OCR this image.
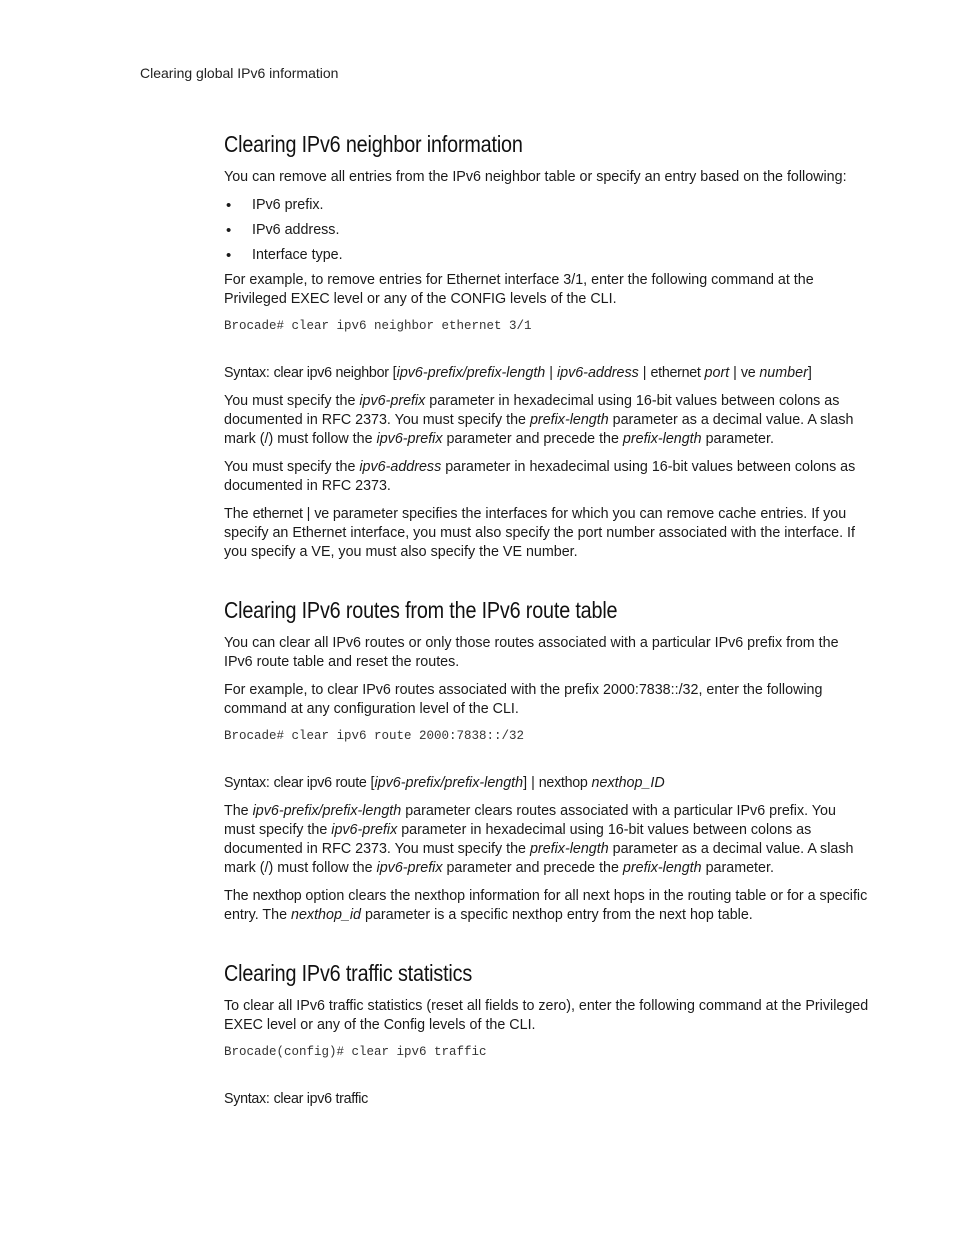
Clearing global IPv6 information
Clearing IPv6 neighbor information

You can remove all entries from the IPv6 neighbor table or specify an entry based on the following:

• IPv6 prefix.
• IPv6 address.
• Interface type.

For example, to remove entries for Ethernet interface 3/1, enter the following command at the Privileged EXEC level or any of the CONFIG levels of the CLI.

Brocade# clear ipv6 neighbor ethernet 3/1

Syntax: clear ipv6 neighbor [ipv6-prefix/prefix-length | ipv6-address | ethernet port | ve number]

You must specify the ipv6-prefix parameter in hexadecimal using 16-bit values between colons as documented in RFC 2373. You must specify the prefix-length parameter as a decimal value. A slash mark (/) must follow the ipv6-prefix parameter and precede the prefix-length parameter.

You must specify the ipv6-address parameter in hexadecimal using 16-bit values between colons as documented in RFC 2373.

The ethernet | ve parameter specifies the interfaces for which you can remove cache entries. If you specify an Ethernet interface, you must also specify the port number associated with the interface. If you specify a VE, you must also specify the VE number.

Clearing IPv6 routes from the IPv6 route table

You can clear all IPv6 routes or only those routes associated with a particular IPv6 prefix from the IPv6 route table and reset the routes.

For example, to clear IPv6 routes associated with the prefix 2000:7838::/32, enter the following command at any configuration level of the CLI.

Brocade# clear ipv6 route 2000:7838::/32

Syntax: clear ipv6 route [ipv6-prefix/prefix-length] | nexthop nexthop_ID

The ipv6-prefix/prefix-length parameter clears routes associated with a particular IPv6 prefix. You must specify the ipv6-prefix parameter in hexadecimal using 16-bit values between colons as documented in RFC 2373. You must specify the prefix-length parameter as a decimal value. A slash mark (/) must follow the ipv6-prefix parameter and precede the prefix-length parameter.

The nexthop option clears the nexthop information for all next hops in the routing table or for a specific entry. The nexthop_id parameter is a specific nexthop entry from the next hop table.

Clearing IPv6 traffic statistics

To clear all IPv6 traffic statistics (reset all fields to zero), enter the following command at the Privileged EXEC level or any of the Config levels of the CLI.

Brocade(config)# clear ipv6 traffic

Syntax: clear ipv6 traffic
